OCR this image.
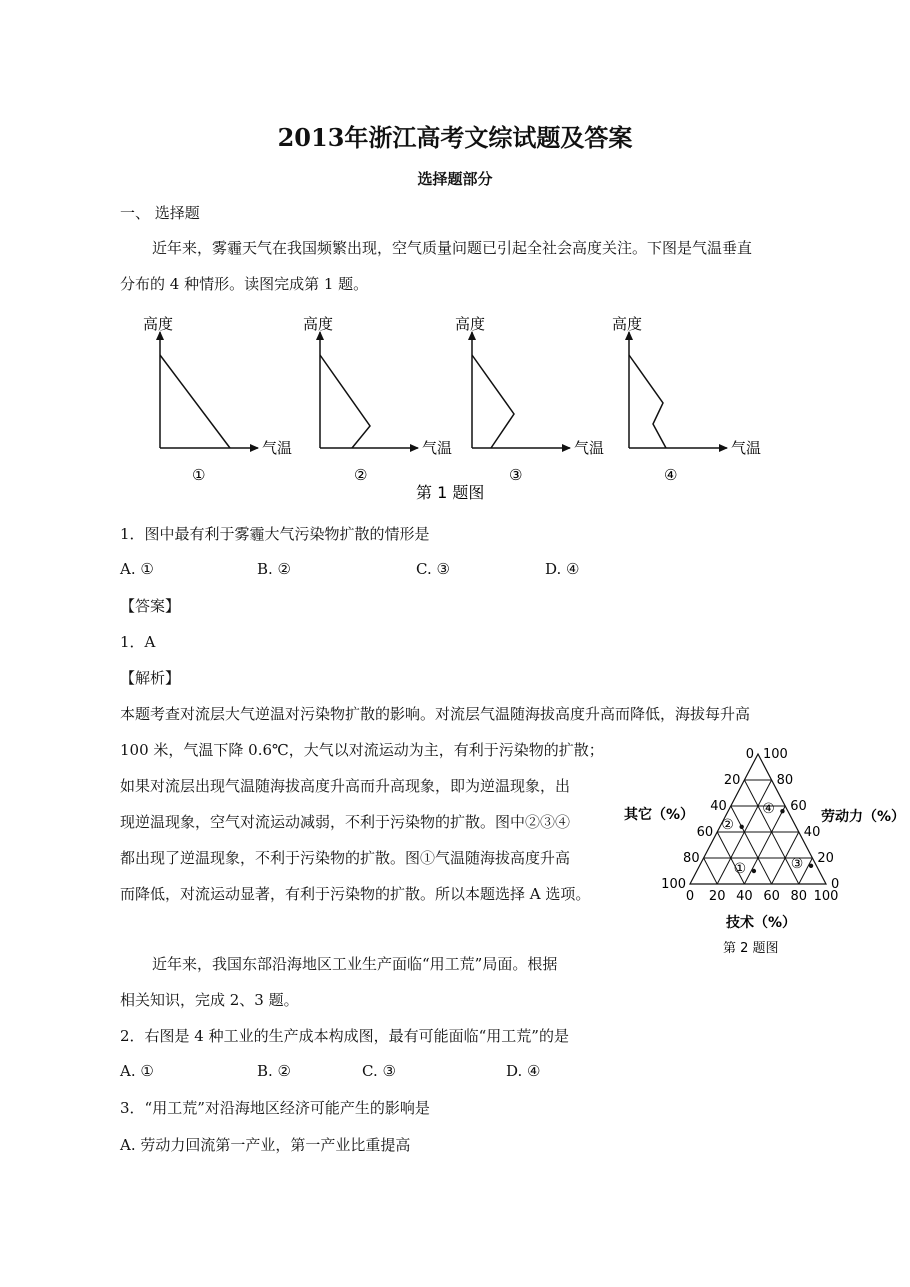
2013年浙江高考文综试题及答案
选择题部分
一、 选择题
近年来，雾霾天气在我国频繁出现，空气质量问题已引起全社会高度关注。下图是气温垂直
分布的 4 种情形。读图完成第 1 题。
高度
气温
①
高度
气温
②
高度
气温
③
高度
气温
④
第 1 题图
1．图中最有利于雾霾大气污染物扩散的情形是
A. ①	B. ②	C. ③	D. ④
【答案】
1．A
【解析】
本题考查对流层大气逆温对污染物扩散的影响。对流层气温随海拔高度升高而降低，海拔每升高
100 米，气温下降 0.6℃，大气以对流运动为主，有利于污染物的扩散；
如果对流层出现气温随海拔高度升高而升高现象，即为逆温现象，出
现逆温现象，空气对流运动减弱，不利于污染物的扩散。图中②③④
都出现了逆温现象，不利于污染物的扩散。图①气温随海拔高度升高
而降低，对流运动显著，有利于污染物的扩散。所以本题选择 A 选项。
近年来，我国东部沿海地区工业生产面临“用工荒”局面。根据
相关知识，完成 2、3 题。
2．右图是 4 种工业的生产成本构成图，最有可能面临“用工荒”的是
A. ①	B. ②	C. ③	D. ④
3．“用工荒”对沿海地区经济可能产生的影响是
A. 劳动力回流第一产业，第一产业比重提高
100	0
0
80	20
20
60	40
40
40	60
60
20	80
80
0 100
100
①
②
③
④
其它（%）	劳动力（%）
技术（%）
第 2 题图
